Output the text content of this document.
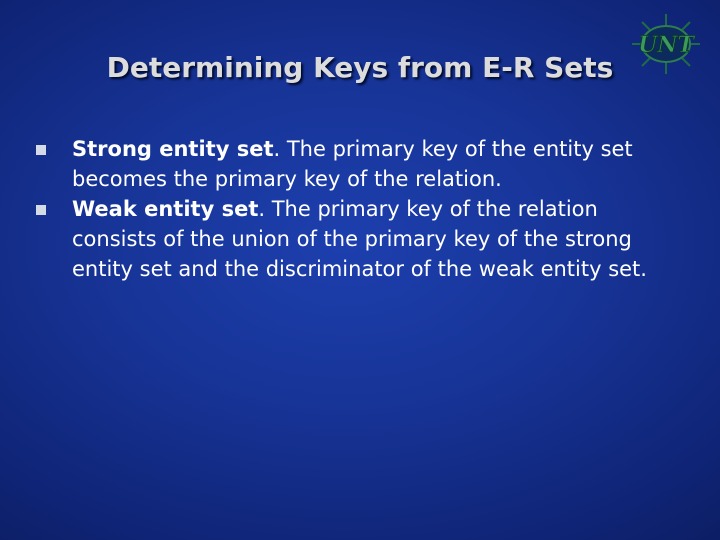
Determining Keys from E-R Sets
UNT
Strong entity set. The primary key of the entity set becomes the primary key of the relation.
Weak entity set. The primary key of the relation consists of the union of the primary key of the strong entity set and the discriminator of the weak entity set.
